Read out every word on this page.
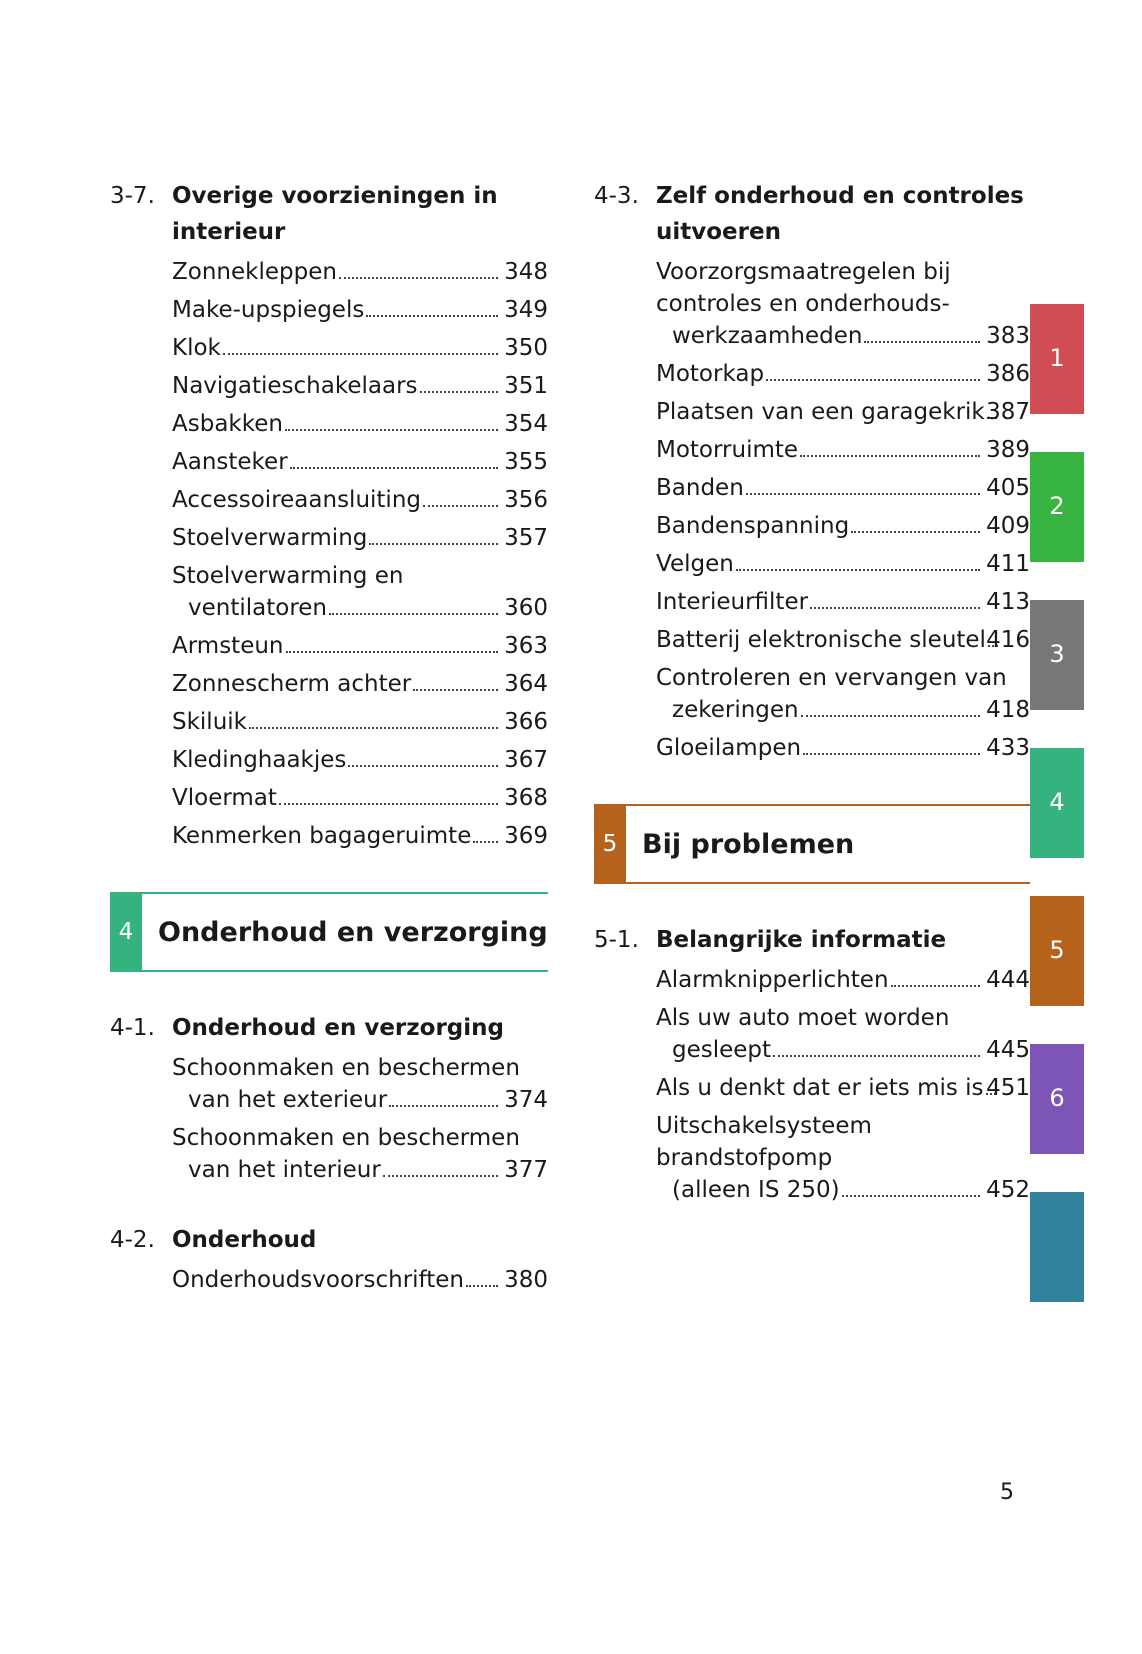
3-7. Overige voorzieningen in interieur
Zonnekleppen	348
Make-upspiegels	349
Klok	350
Navigatieschakelaars	351
Asbakken	354
Aansteker	355
Accessoireaansluiting	356
Stoelverwarming	357
Stoelverwarming en
ventilatoren	360
Armsteun	363
Zonnescherm achter	364
Skiluik	366
Kledinghaakjes	367
Vloermat	368
Kenmerken bagageruimte 369
4 Onderhoud en verzorging
4-1. Onderhoud en verzorging
Schoonmaken en beschermen
van het exterieur	374
Schoonmaken en beschermen
van het interieur	377
4-2. Onderhoud
Onderhoudsvoorschriften 380
4-3. Zelf onderhoud en controles uitvoeren
Voorzorgsmaatregelen bij controles en onderhouds-
werkzaamheden	383
Motorkap	386
Plaatsen van een garagekrik 387
Motorruimte	389
Banden	405
Bandenspanning	409
Velgen	411
Interieurfilter	413
Batterij elektronische sleutel 416
Controleren en vervangen van
zekeringen	418
Gloeilampen	433
5 Bij problemen
5-1. Belangrijke informatie
Alarmknipperlichten	444
Als uw auto moet worden
gesleept	445
Als u denkt dat er iets mis is 451
Uitschakelsysteem brandstofpomp
(alleen IS 250)	452
1
2
3
4
5
6
5
